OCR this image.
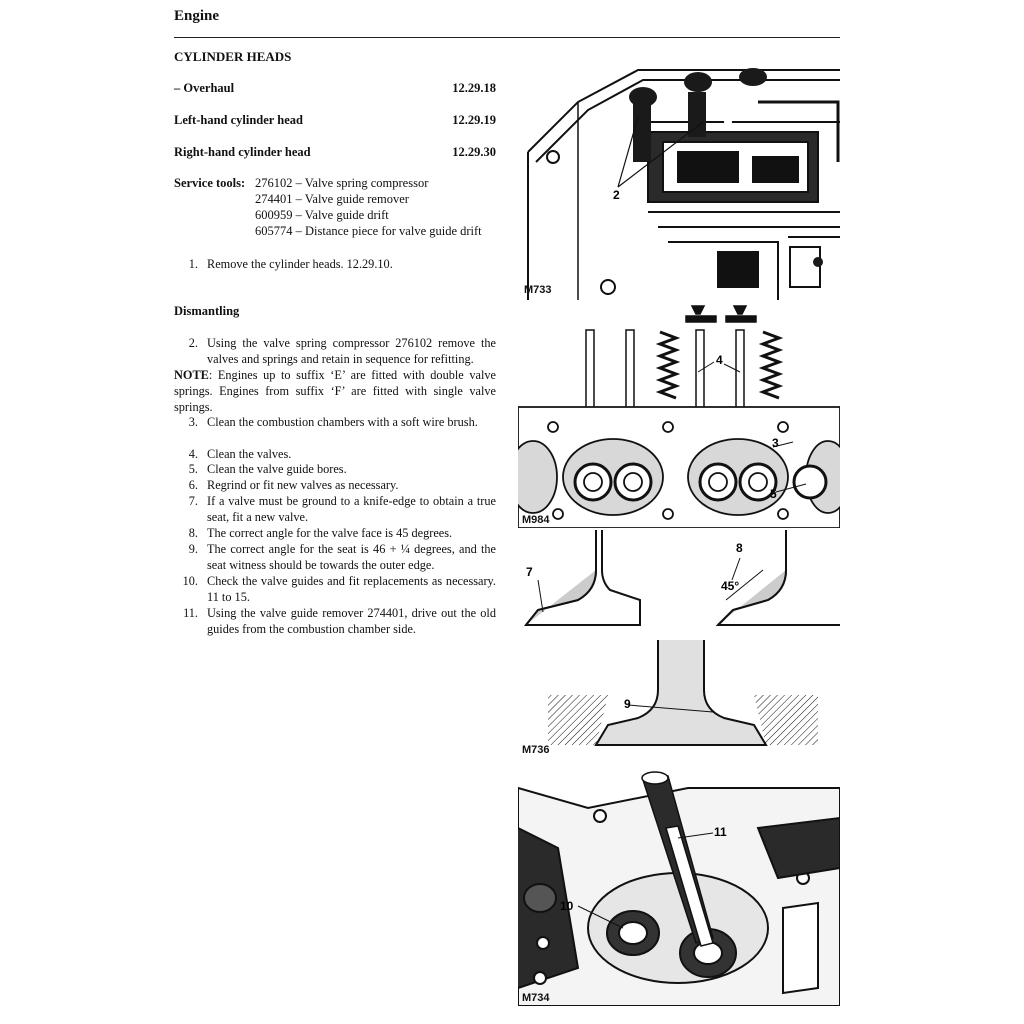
Engine
CYLINDER HEADS
– Overhaul	12.29.18
Left-hand cylinder head	12.29.19
Right-hand cylinder head	12.29.30
Service tools: 276102 – Valve spring compressor
274401 – Valve guide remover
600959 – Valve guide drift
605774 – Distance piece for valve guide drift
1. Remove the cylinder heads. 12.29.10.
Dismantling
2. Using the valve spring compressor 276102 remove the valves and springs and retain in sequence for refitting.
NOTE: Engines up to suffix ‘E’ are fitted with double valve springs. Engines from suffix ‘F’ are fitted with single valve springs.
3. Clean the combustion chambers with a soft wire brush.
4. Clean the valves.
5. Clean the valve guide bores.
6. Regrind or fit new valves as necessary.
7. If a valve must be ground to a knife-edge to obtain a true seat, fit a new valve.
8. The correct angle for the valve face is 45 degrees.
9. The correct angle for the seat is 46 + ¼ degrees, and the seat witness should be towards the outer edge.
10. Check the valve guides and fit replacements as necessary. 11 to 15.
11. Using the valve guide remover 274401, drive out the old guides from the combustion chamber side.
2
M733
4
3
5
M984
7
8
45°
9
M736
11
10
M734
